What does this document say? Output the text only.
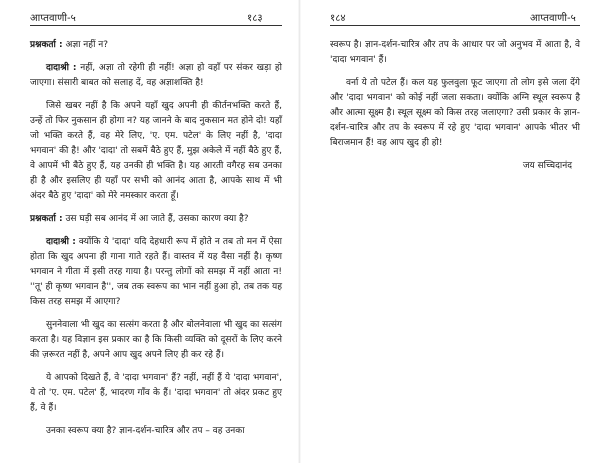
आप्तवाणी-५	१८३	१८४	आप्तवाणी-५

प्रश्नकर्ता : अज्ञा नहीं न?

दादाश्री : नहीं, अज्ञा तो रहेगी ही नहीं! अज्ञा हो वहाँ पर संकर खड़ा हो जाएगा। संसारी बाबत को सलाह दें, वह अज्ञाशक्ति है!

जिसे खबर नहीं है कि अपने यहाँ खुद अपनी ही कीर्तनभक्ति करते हैं, उन्हें तो फिर नुकसान ही होगा न? यह जानने के बाद नुकसान मत होने दो! यहाँ जो भक्ति करते हैं, वह मेरे लिए, 'ए. एम. पटेल' के लिए नहीं है, 'दादा भगवान' की है! और 'दादा' तो सबमें बैठे हुए हैं, मुझ अकेले में नहीं बैठे हुए हैं, वे आपमें भी बैठे हुए हैं, यह उनकी ही भक्ति है। यह आरती वगैरह सब उनका ही है और इसलिए ही यहाँ पर सभी को आनंद आता है, आपके साथ में भी अंदर बैठे हुए 'दादा' को मेरे नमस्कार करता हूँ।

प्रश्नकर्ता : उस घड़ी सब आनंद में आ जाते हैं, उसका कारण क्या है?

दादाश्री : क्योंकि ये 'दादा' यदि देहधारी रूप में होते न तब तो मन में ऐसा होता कि खुद अपना ही गाना गाते रहते हैं। वास्तव में यह वैसा नहीं है। कृष्ण भगवान ने गीता में इसी तरह गाया है। परन्तु लोगों को समझ में नहीं आता न! ''तू' ही कृष्ण भगवान है'', जब तक स्वरूप का भान नहीं हुआ हो, तब तक यह किस तरह समझ में आएगा?

सुननेवाला भी खुद का सत्संग करता है और बोलनेवाला भी खुद का सत्संग करता है। यह विज्ञान इस प्रकार का है कि किसी व्यक्ति को दूसरों के लिए करने की ज़रूरत नहीं है, अपने आप खुद अपने लिए ही कर रहे हैं।

ये आपको दिखते हैं, वे 'दादा भगवान' हैं? नहीं, नहीं हैं ये 'दादा भगवान', ये तो 'ए. एम. पटेल' हैं, भादरण गाँव के हैं। 'दादा भगवान' तो अंदर प्रकट हुए हैं, वे हैं।

उनका स्वरूप क्या है? ज्ञान-दर्शन-चारित्र और तप – वह उनका

स्वरूप है। ज्ञान-दर्शन-चारित्र और तप के आधार पर जो अनुभव में आता है, वे 'दादा भगवान' हैं।

वर्ना ये तो पटेल हैं। कल यह फुलवुला फूट जाएगा तो लोग इसे जला देंगे और 'दादा भगवान' को कोई नहीं जला सकता। क्योंकि अग्नि स्थूल स्वरूप है और आत्मा सूक्ष्म है। स्थूल सूक्ष्म को किस तरह जलाएगा? उसी प्रकार के ज्ञान-दर्शन-चारित्र और तप के स्वरूप में रहे हुए 'दादा भगवान' आपके भीतर भी बिराजमान हैं! वह आप खुद ही हो!

जय सच्चिदानंद
